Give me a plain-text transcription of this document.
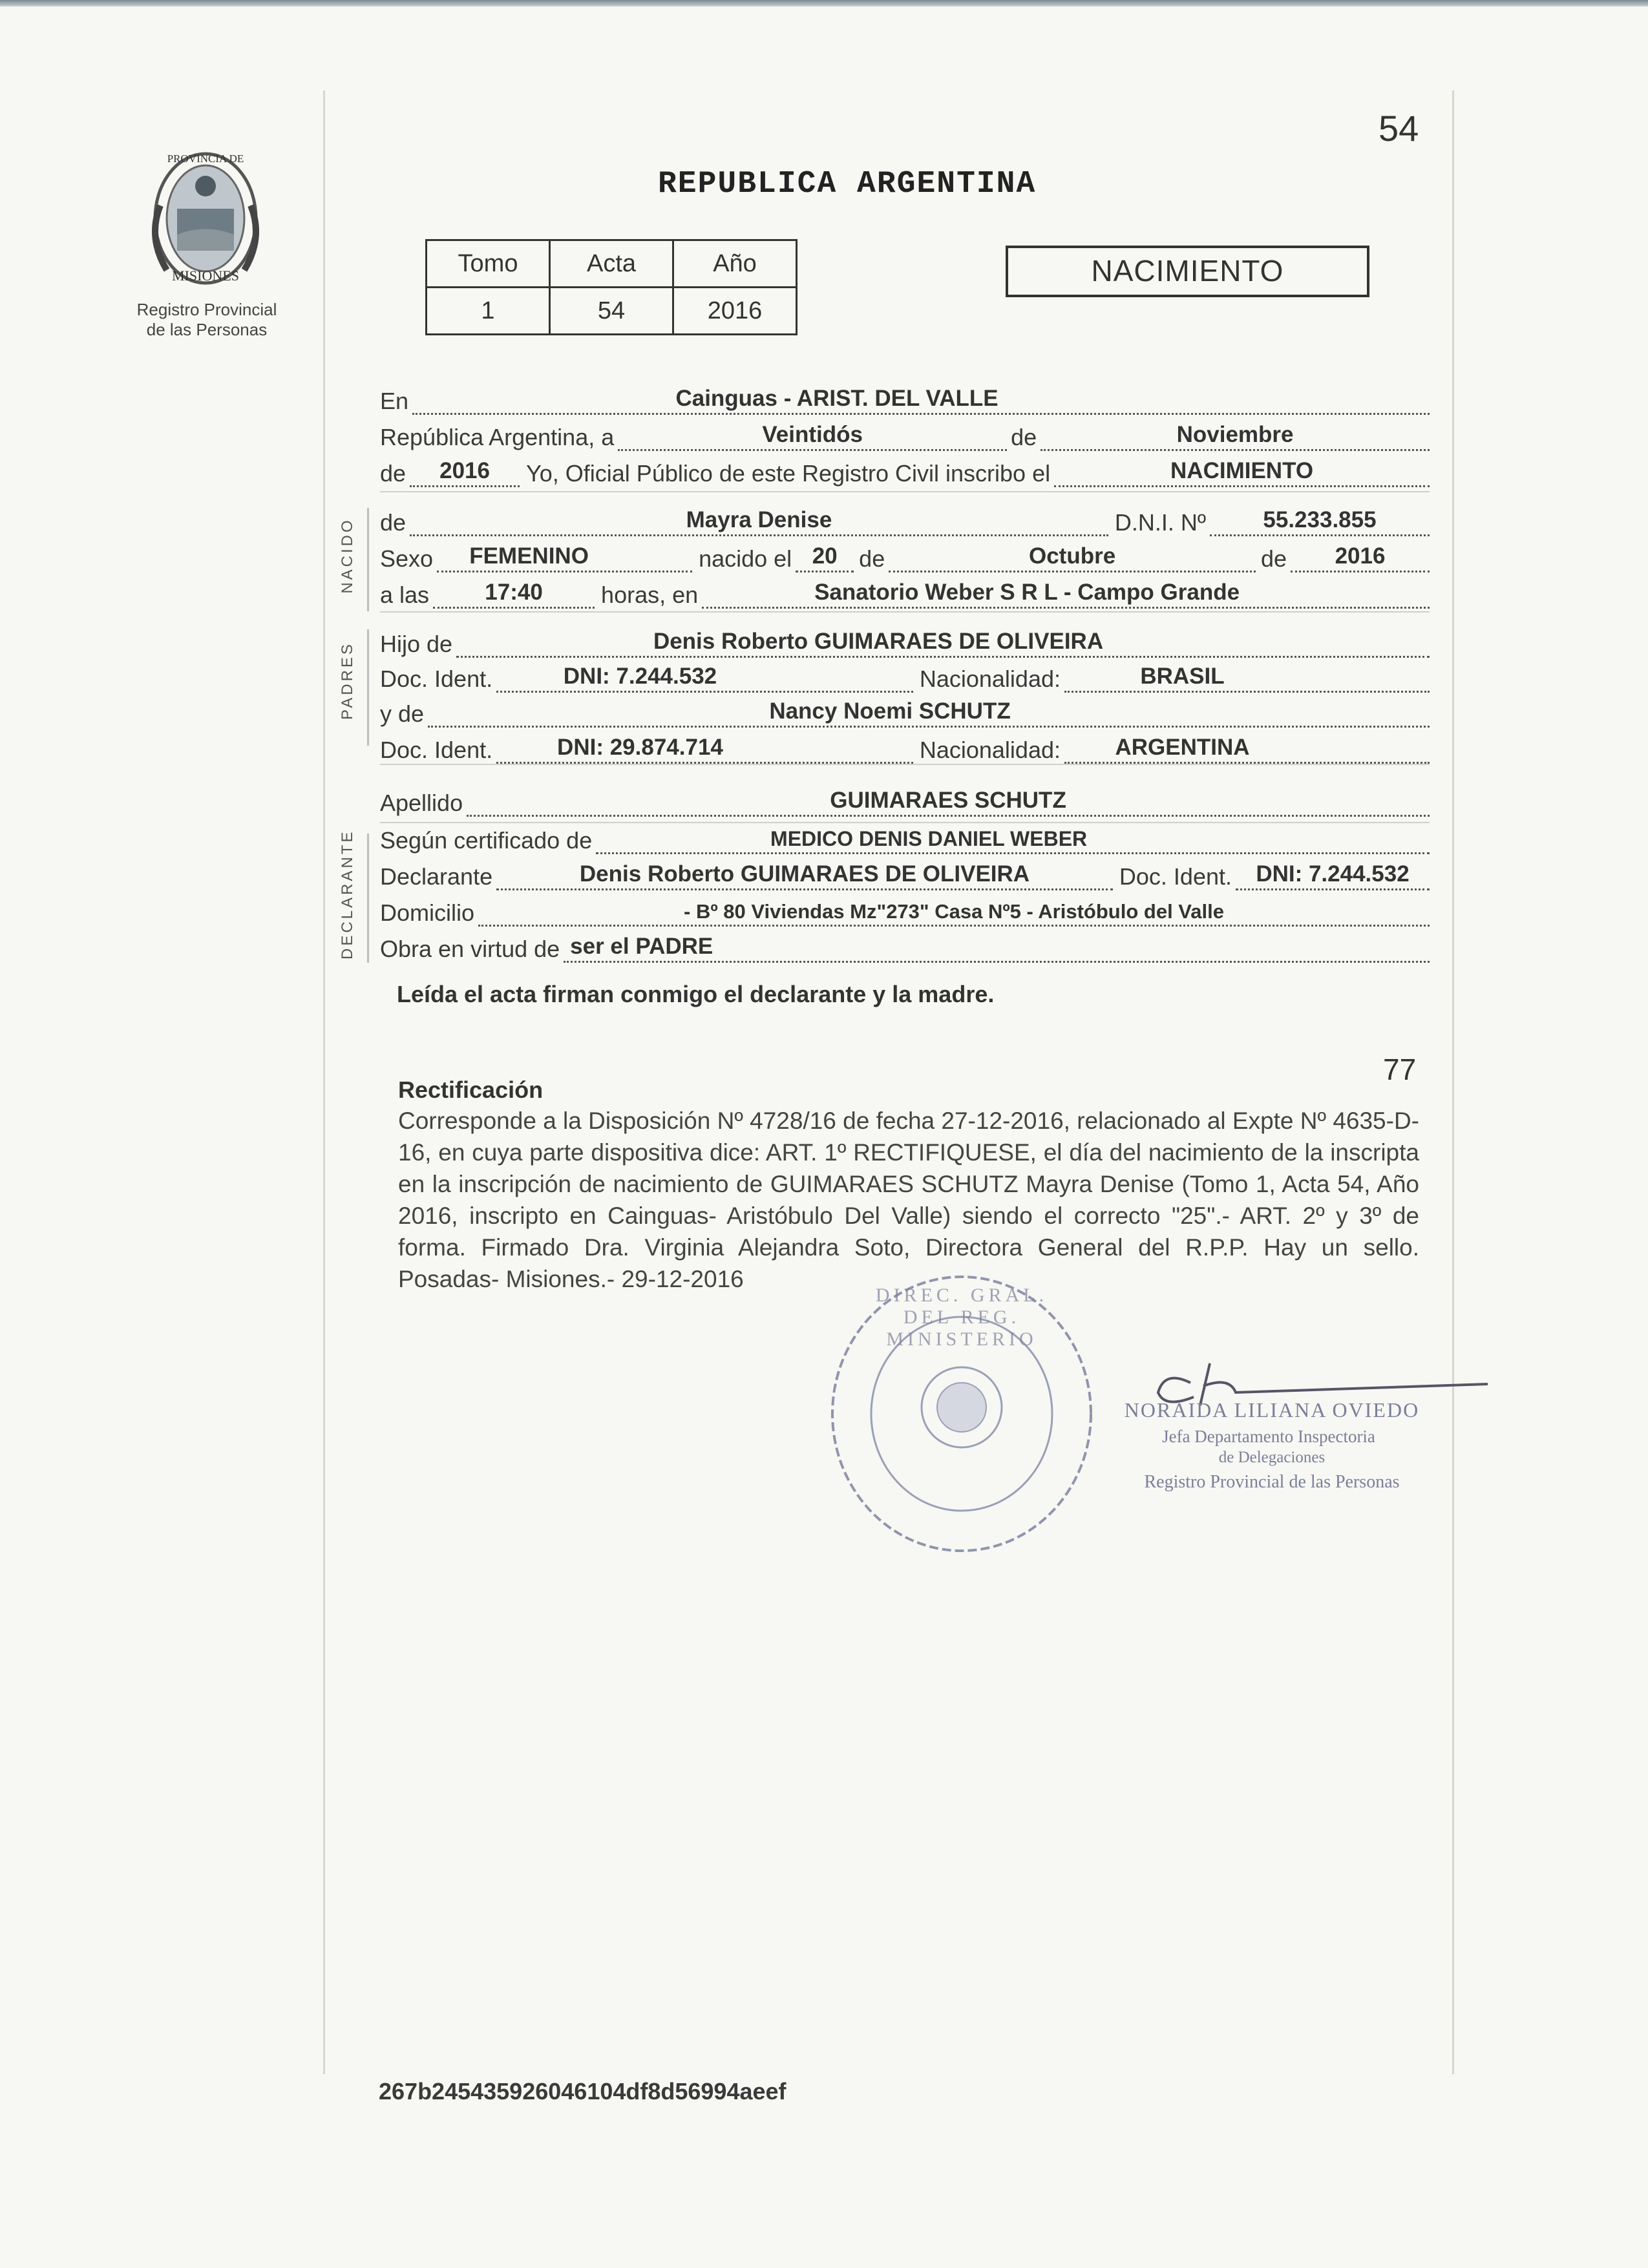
54
PROVINCIA DE
MISIONES
Registro Provincial
de las Personas
REPUBLICA ARGENTINA
Tomo	Acta	Año
1	54	2016
NACIMIENTO
En	Cainguas - ARIST. DEL VALLE
República Argentina, a	Veintidós	de	Noviembre
de	2016	Yo, Oficial Público de este Registro Civil inscribo el	NACIMIENTO
NACIDO de	Mayra Denise	D.N.I. Nº	55.233.855
Sexo	FEMENINO	nacido el 20 de	Octubre	de	2016
a las	17:40	horas, en	Sanatorio Weber S R L - Campo Grande
PADRES Hijo de	Denis Roberto GUIMARAES DE OLIVEIRA
Doc. Ident.	DNI: 7.244.532	Nacionalidad:	BRASIL
y de	Nancy Noemi SCHUTZ
Doc. Ident.	DNI: 29.874.714	Nacionalidad:	ARGENTINA
Apellido	GUIMARAES SCHUTZ
DECLARANTE Según certificado de	MEDICO DENIS DANIEL WEBER
Declarante	Denis Roberto GUIMARAES DE OLIVEIRA	Doc. Ident.	DNI: 7.244.532
Domicilio	- Bº 80 Viviendas Mz"273" Casa Nº5 - Aristóbulo del Valle
Obra en virtud de ser el PADRE
Leída el acta firman conmigo el declarante y la madre.
77
Rectificación
Corresponde a la Disposición Nº 4728/16 de fecha 27-12-2016, relacionado al Expte Nº 4635-D-16, en cuya parte dispositiva dice: ART. 1º RECTIFIQUESE, el día del nacimiento de la inscripta en la inscripción de nacimiento de GUIMARAES SCHUTZ Mayra Denise (Tomo 1, Acta 54, Año 2016, inscripto en Cainguas- Aristóbulo Del Valle) siendo el correcto "25".- ART. 2º y 3º de forma. Firmado Dra. Virginia Alejandra Soto, Directora General del R.P.P. Hay un sello. Posadas- Misiones.- 29-12-2016
DIREC. GRAL. DEL REG. MINISTERIO
NORAIDA LILIANA OVIEDO
Jefa Departamento Inspectoria
de Delegaciones
Registro Provincial de las Personas
267b245435926046104df8d56994aeef
